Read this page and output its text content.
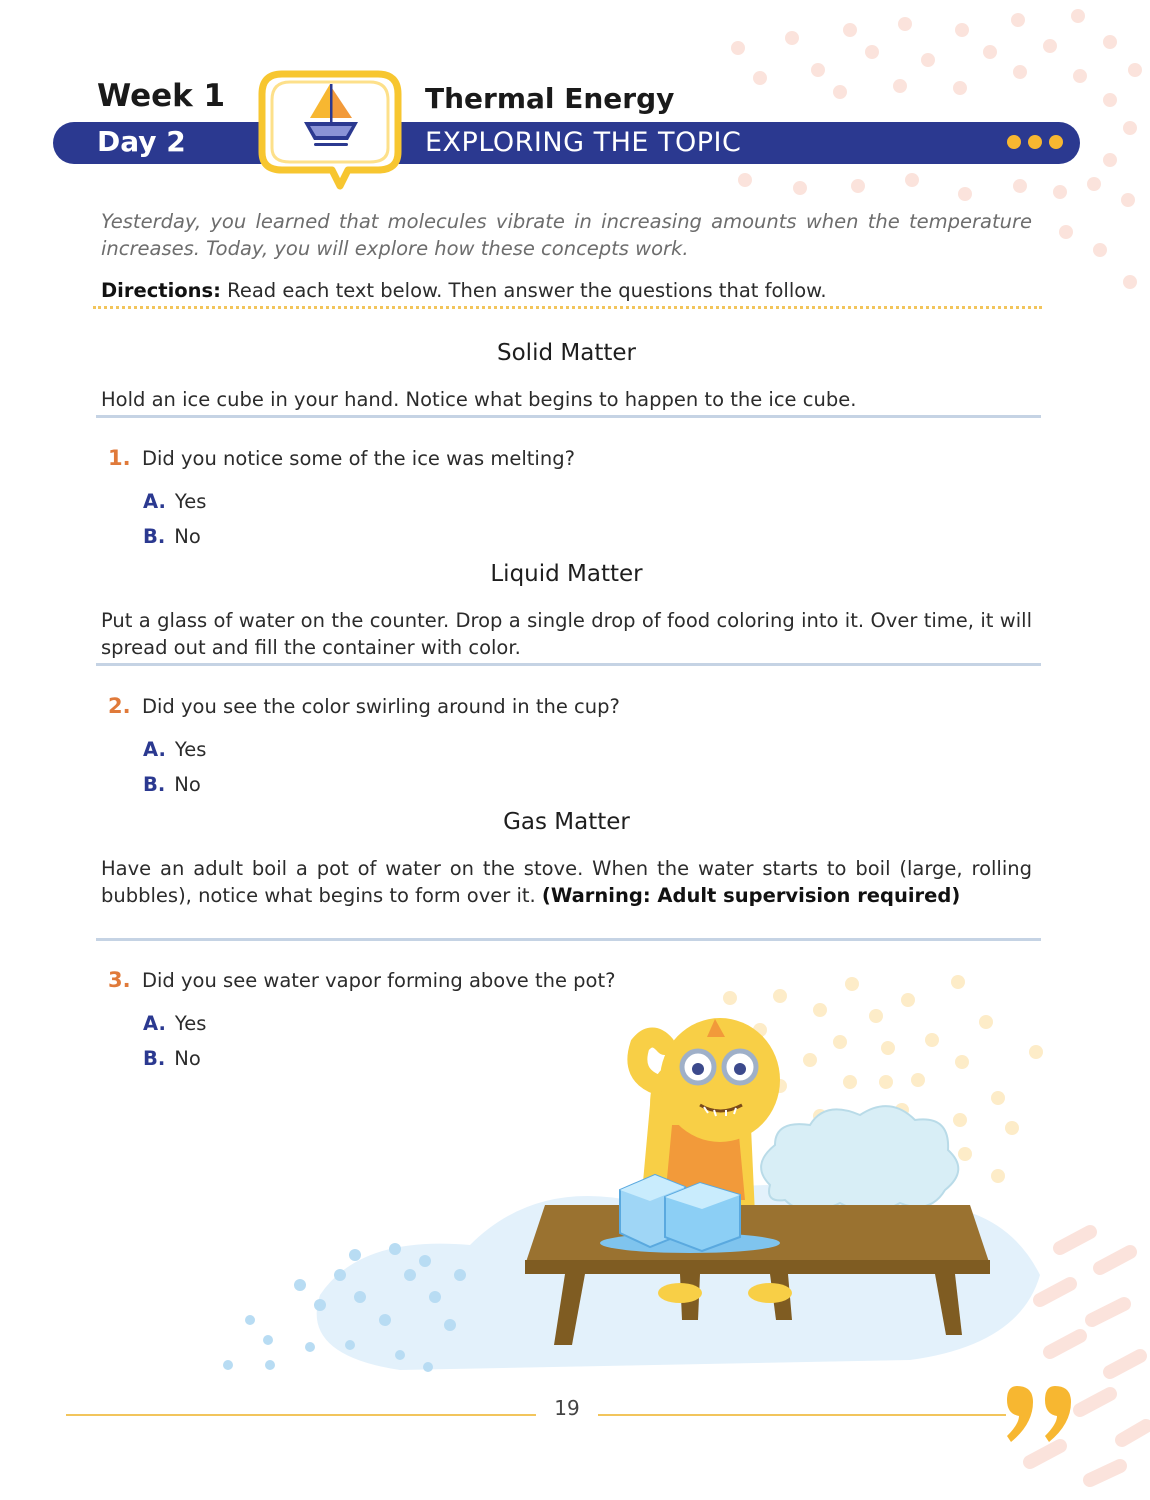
Week 1
Day 2
Thermal Energy
EXPLORING THE TOPIC
Yesterday, you learned that molecules vibrate in increasing amounts when the temperature increases. Today, you will explore how these concepts work.
Directions: Read each text below. Then answer the questions that follow.
Solid Matter
Hold an ice cube in your hand. Notice what begins to happen to the ice cube.
1. Did you notice some of the ice was melting?
A. Yes
B. No
Liquid Matter
Put a glass of water on the counter. Drop a single drop of food coloring into it. Over time, it will spread out and fill the container with color.
2. Did you see the color swirling around in the cup?
A. Yes
B. No
Gas Matter
Have an adult boil a pot of water on the stove. When the water starts to boil (large, rolling bubbles), notice what begins to form over it. (Warning: Adult supervision required)
3. Did you see water vapor forming above the pot?
A. Yes
B. No
19
